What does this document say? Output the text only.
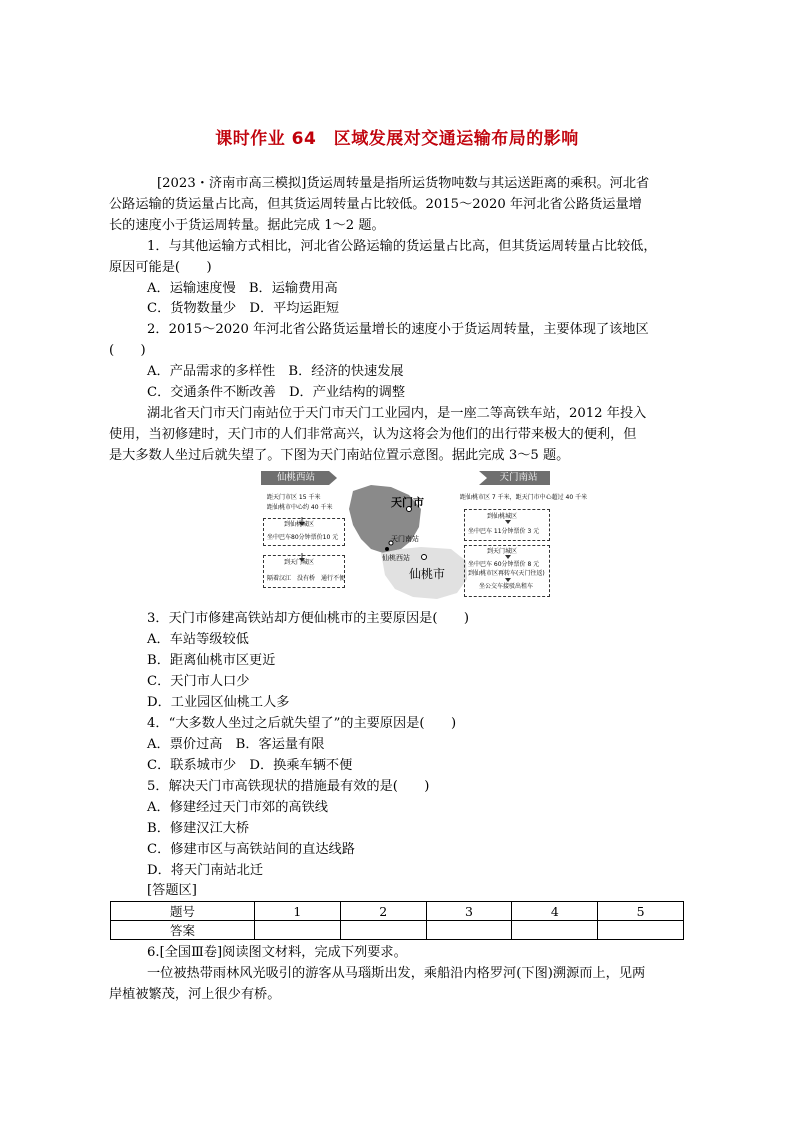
课时作业 64　区域发展对交通运输布局的影响
[2023・济南市高三模拟]货运周转量是指所运货物吨数与其运送距离的乘积。河北省
公路运输的货运量占比高，但其货运周转量占比较低。2015～2020 年河北省公路货运量增
长的速度小于货运周转量。据此完成 1～2 题。
1．与其他运输方式相比，河北省公路运输的货运量占比高，但其货运周转量占比较低，
原因可能是(　　)
A．运输速度慢　B．运输费用高
C．货物数量少　D．平均运距短
2．2015～2020 年河北省公路货运量增长的速度小于货运周转量，主要体现了该地区
(　　)
A．产品需求的多样性　B．经济的快速发展
C．交通条件不断改善　D．产业结构的调整
湖北省天门市天门南站位于天门市天门工业园内，是一座二等高铁车站，2012 年投入
使用，当初修建时，天门市的人们非常高兴，认为这将会为他们的出行带来极大的便利，但
是大多数人坐过后就失望了。下图为天门南站位置示意图。据此完成 3～5 题。
仙桃西站	天门南站
距天门市区 15 千米
距仙桃市中心约 40 千米
到仙桃城区
坐中巴车80分钟票价10 元
到天门城区
隔着汉江　没有桥　通行不便
距仙桃市区 7 千米，距天门市中心超过 40 千米
到仙桃城区
坐中巴车 11分钟票价 3 元
到天门城区
坐中巴车 60分钟票价 8 元
到仙桃市区再转车(天门往返)
坐公交车接驳出租车
天门市
天门南站
仙桃西站
仙桃市
3．天门市修建高铁站却方便仙桃市的主要原因是(　　)
A．车站等级较低
B．距离仙桃市区更近
C．天门市人口少
D．工业园区仙桃工人多
4．“大多数人坐过之后就失望了”的主要原因是(　　)
A．票价过高　B．客运量有限
C．联系城市少　D．换乘车辆不便
5．解决天门市高铁现状的措施最有效的是(　　)
A．修建经过天门市郊的高铁线
B．修建汉江大桥
C．修建市区与高铁站间的直达线路
D．将天门南站北迁
[答题区]
题号	1	2	3	4	5
答案					
6.[全国Ⅲ卷]阅读图文材料，完成下列要求。
一位被热带雨林风光吸引的游客从马瑙斯出发，乘船沿内格罗河(下图)溯源而上，见两
岸植被繁茂，河上很少有桥。
